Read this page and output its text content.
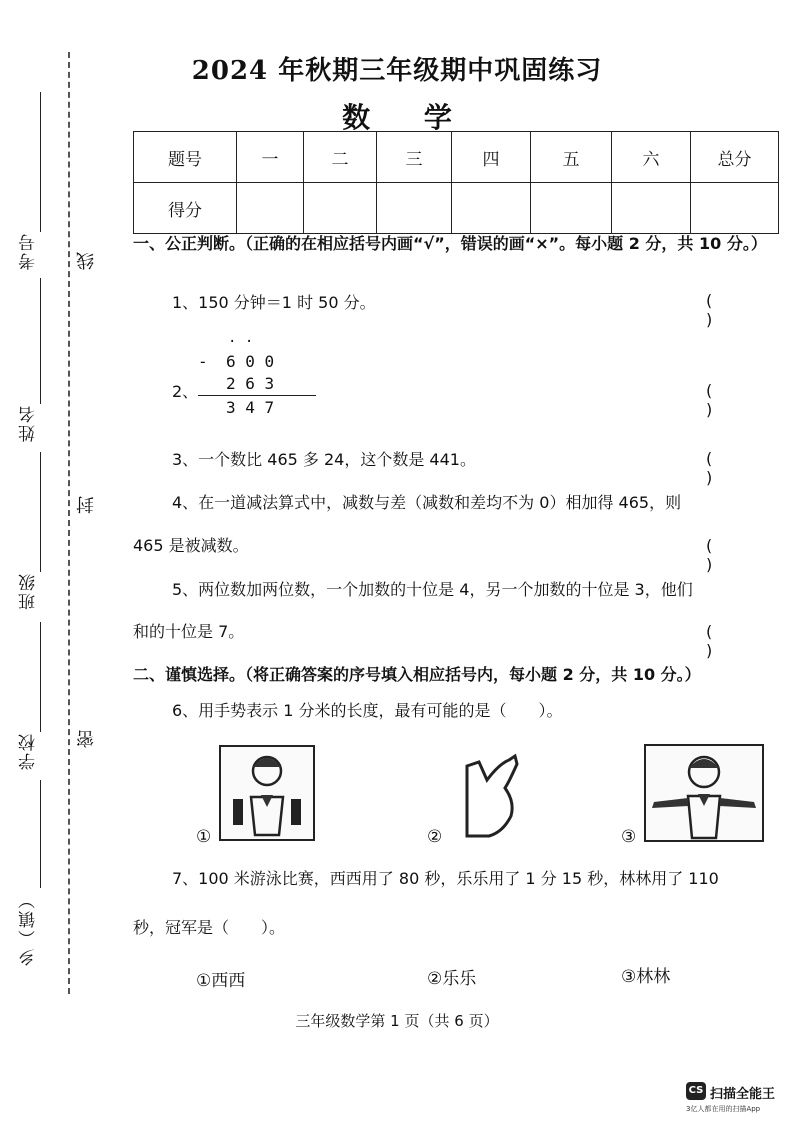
考号
姓名
班级
学校
乡（镇）
线
封
密
2024 年秋期三年级期中巩固练习
数 学
题号	一	二	三	四	五	六	总分
得分							
一、公正判断。（正确的在相应括号内画“√”，错误的画“×”。每小题 2 分，共 10 分。）
1、150 分钟＝1 时 50 分。	()
2、
· ·
- 6 0 0
2 6 3
3 4 7
()
3、一个数比 465 多 24，这个数是 441。	()
4、在一道减法算式中，减数与差（减数和差均不为 0）相加得 465，则
465 是被减数。	()
5、两位数加两位数，一个加数的十位是 4，另一个加数的十位是 3，他们
和的十位是 7。	()
二、谨慎选择。（将正确答案的序号填入相应括号内，每小题 2 分，共 10 分。）
6、用手势表示 1 分米的长度，最有可能的是（　　）。
①	②	③
7、100 米游泳比赛，西西用了 80 秒，乐乐用了 1 分 15 秒，林林用了 110
秒，冠军是（　　）。
①西西	②乐乐	③林林
三年级数学第 1 页（共 6 页）
CS 扫描全能王
3亿人都在用的扫描App
